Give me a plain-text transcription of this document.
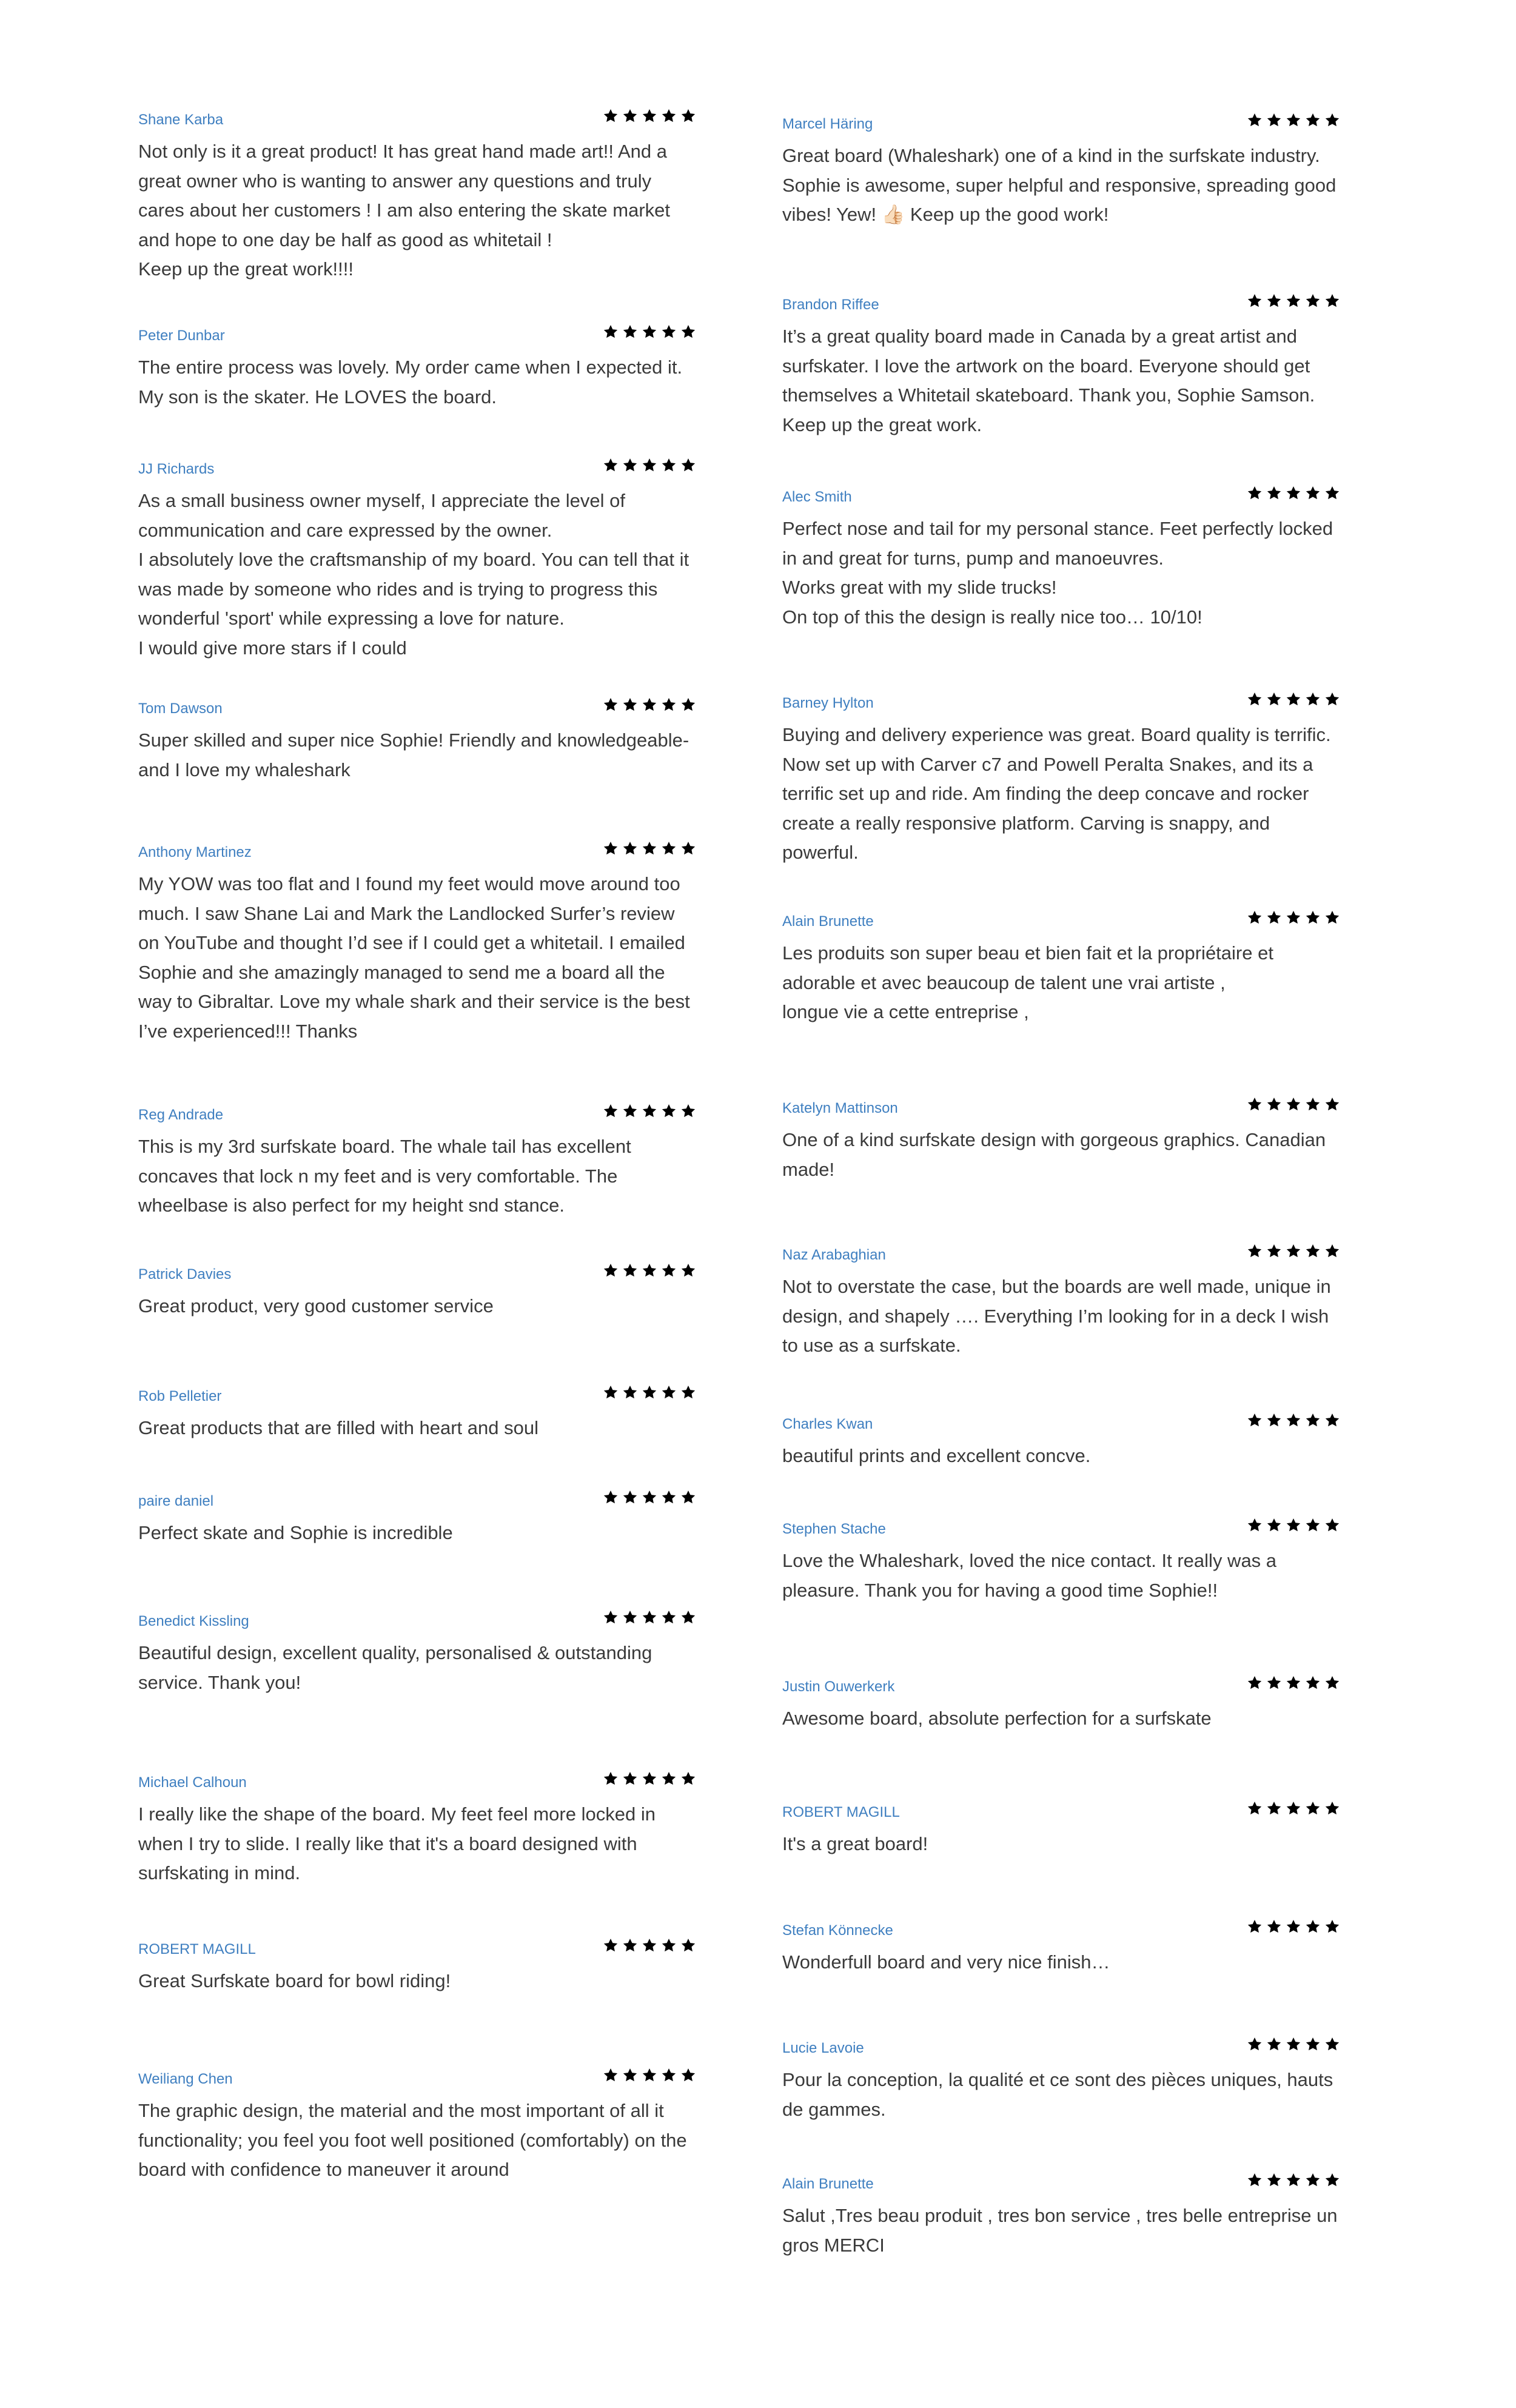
Shane Karba

Not only is it a great product! It has great hand made art!! And a great owner who is wanting to answer any questions and truly cares about her customers ! I am also entering the skate market and hope to one day be half as good as whitetail !

Keep up the great work!!!!

Peter Dunbar

The entire process was lovely. My order came when I expected it. My son is the skater. He LOVES the board.

JJ Richards

As a small business owner myself, I appreciate the level of communication and care expressed by the owner.

I absolutely love the craftsmanship of my board. You can tell that it was made by someone who rides and is trying to progress this wonderful 'sport' while expressing a love for nature.

I would give more stars if I could

Tom Dawson

Super skilled and super nice Sophie! Friendly and knowledgeable- and I love my whaleshark

Anthony Martinez

My YOW was too flat and I found my feet would move around too much. I saw Shane Lai and Mark the Landlocked Surfer’s review on YouTube and thought I’d see if I could get a whitetail. I emailed Sophie and she amazingly managed to send me a board all the way to Gibraltar. Love my whale shark and their service is the best I’ve experienced!!! Thanks

Reg Andrade

This is my 3rd surfskate board. The whale tail has excellent concaves that lock n my feet and is very comfortable. The wheelbase is also perfect for my height snd stance.

Patrick Davies

Great product, very good customer service

Rob Pelletier

Great products that are filled with heart and soul

paire daniel

Perfect skate and Sophie is incredible

Benedict Kissling

Beautiful design, excellent quality, personalised & outstanding service. Thank you!

Michael Calhoun

I really like the shape of the board. My feet feel more locked in when I try to slide. I really like that it's a board designed with surfskating in mind.

ROBERT MAGILL

Great Surfskate board for bowl riding!

Weiliang Chen

The graphic design, the material and the most important of all it functionality; you feel you foot well positioned (comfortably) on the board with confidence to maneuver it around

Marcel Häring

Great board (Whaleshark) one of a kind in the surfskate industry. Sophie is awesome, super helpful and responsive, spreading good vibes! Yew! 👍🏻 Keep up the good work!

Brandon Riffee

It’s a great quality board made in Canada by a great artist and surfskater. I love the artwork on the board. Everyone should get themselves a Whitetail skateboard. Thank you, Sophie Samson. Keep up the great work.

Alec Smith

Perfect nose and tail for my personal stance. Feet perfectly locked in and great for turns, pump and manoeuvres.

Works great with my slide trucks!

On top of this the design is really nice too… 10/10!

Barney Hylton

Buying and delivery experience was great. Board quality is terrific. Now set up with Carver c7 and Powell Peralta Snakes, and its a terrific set up and ride. Am finding the deep concave and rocker create a really responsive platform. Carving is snappy, and powerful.

Alain Brunette

Les produits son super beau et bien fait et la propriétaire et adorable et avec beaucoup de talent une vrai artiste ,

longue vie a cette entreprise ,

Katelyn Mattinson

One of a kind surfskate design with gorgeous graphics. Canadian made!

Naz Arabaghian

Not to overstate the case, but the boards are well made, unique in design, and shapely …. Everything I’m looking for in a deck I wish to use as a surfskate.

Charles Kwan

beautiful prints and excellent concve.

Stephen Stache

Love the Whaleshark, loved the nice contact. It really was a pleasure. Thank you for having a good time Sophie!!

Justin Ouwerkerk

Awesome board, absolute perfection for a surfskate

ROBERT MAGILL

It's a great board!

Stefan Könnecke

Wonderfull board and very nice finish…

Lucie Lavoie

Pour la conception, la qualité et ce sont des pièces uniques, hauts de gammes.

Alain Brunette

Salut ,Tres beau produit , tres bon service , tres belle entreprise un gros MERCI
